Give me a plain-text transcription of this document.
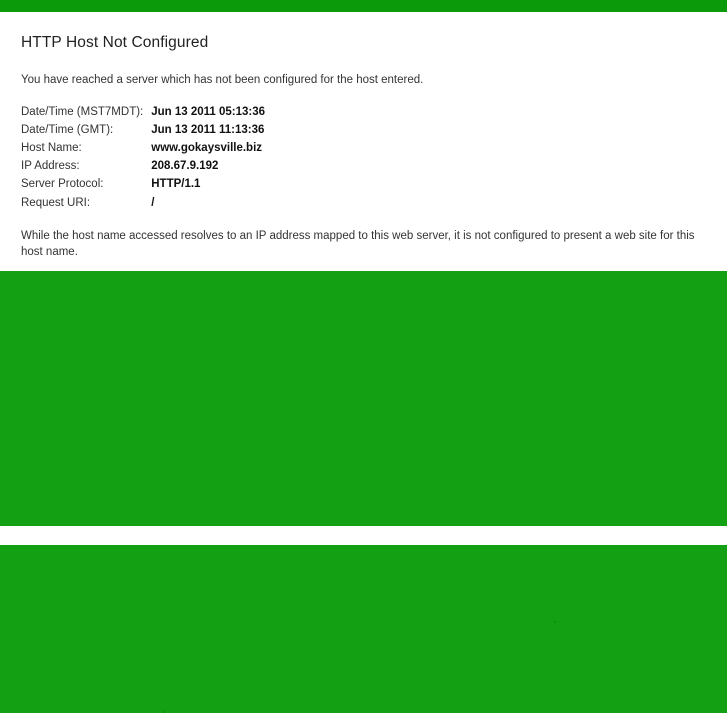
HTTP Host Not Configured

You have reached a server which has not been configured for the host entered.

Date/Time (MST7MDT):	Jun 13 2011 05:13:36
Date/Time (GMT):	Jun 13 2011 11:13:36
Host Name:	www.gokaysville.biz
IP Address:	208.67.9.192
Server Protocol:	HTTP/1.1
Request URI:	/

While the host name accessed resolves to an IP address mapped to this web server, it is not configured to present a web site for this host name.
